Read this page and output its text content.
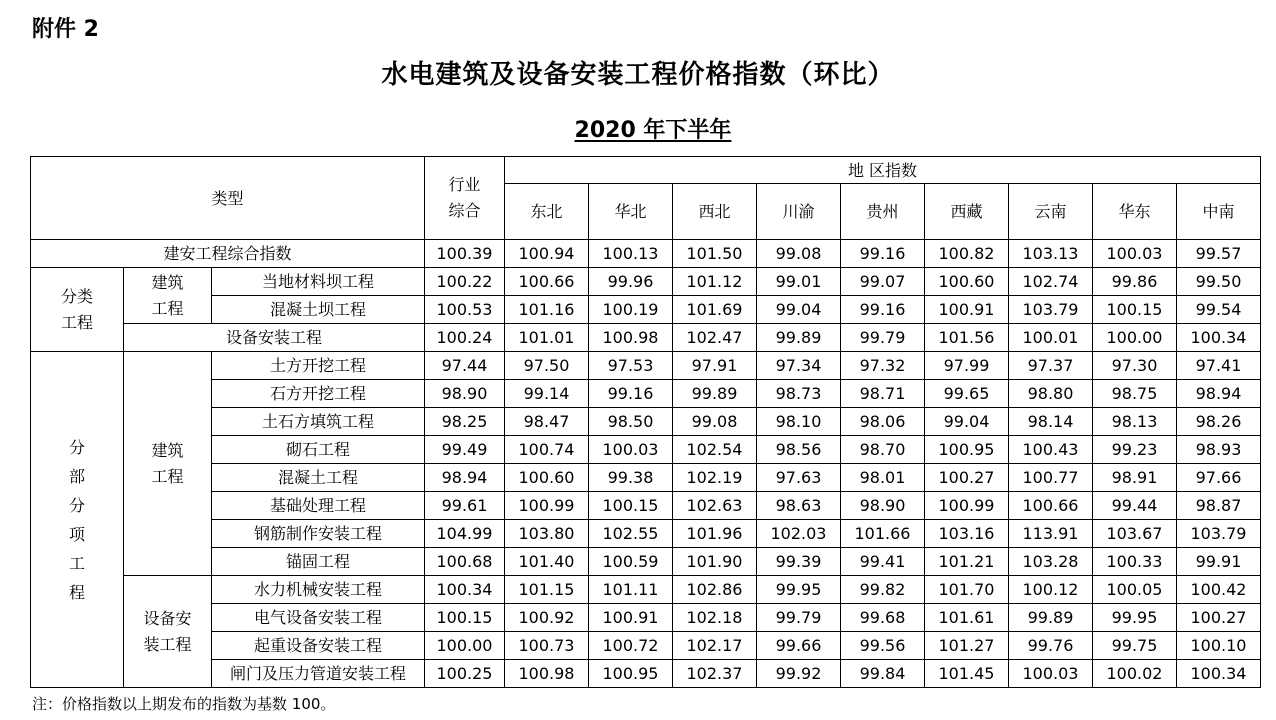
附件 2
水电建筑及设备安装工程价格指数（环比）
2020 年下半年
类型			行业综合	地 区指数								
				东北	华北	西北	川渝	贵州	西藏	云南	华东	中南
建安工程综合指数			100.39	100.94	100.13	101.50	99.08	99.16	100.82	103.13	100.03	99.57
分类工程	建筑工程	当地材料坝工程	100.22	100.66	99.96	101.12	99.01	99.07	100.60	102.74	99.86	99.50
		混凝土坝工程	100.53	101.16	100.19	101.69	99.04	99.16	100.91	103.79	100.15	99.54
	设备安装工程		100.24	101.01	100.98	102.47	99.89	99.79	101.56	100.01	100.00	100.34
分部分项工程	建筑工程	土方开挖工程	97.44	97.50	97.53	97.91	97.34	97.32	97.99	97.37	97.30	97.41
		石方开挖工程	98.90	99.14	99.16	99.89	98.73	98.71	99.65	98.80	98.75	98.94
		土石方填筑工程	98.25	98.47	98.50	99.08	98.10	98.06	99.04	98.14	98.13	98.26
		砌石工程	99.49	100.74	100.03	102.54	98.56	98.70	100.95	100.43	99.23	98.93
		混凝土工程	98.94	100.60	99.38	102.19	97.63	98.01	100.27	100.77	98.91	97.66
		基础处理工程	99.61	100.99	100.15	102.63	98.63	98.90	100.99	100.66	99.44	98.87
		钢筋制作安装工程	104.99	103.80	102.55	101.96	102.03	101.66	103.16	113.91	103.67	103.79
		锚固工程	100.68	101.40	100.59	101.90	99.39	99.41	101.21	103.28	100.33	99.91
	设备安装工程	水力机械安装工程	100.34	101.15	101.11	102.86	99.95	99.82	101.70	100.12	100.05	100.42
		电气设备安装工程	100.15	100.92	100.91	102.18	99.79	99.68	101.61	99.89	99.95	100.27
		起重设备安装工程	100.00	100.73	100.72	102.17	99.66	99.56	101.27	99.76	99.75	100.10
		闸门及压力管道安装工程	100.25	100.98	100.95	102.37	99.92	99.84	101.45	100.03	100.02	100.34
注：价格指数以上期发布的指数为基数 100。
